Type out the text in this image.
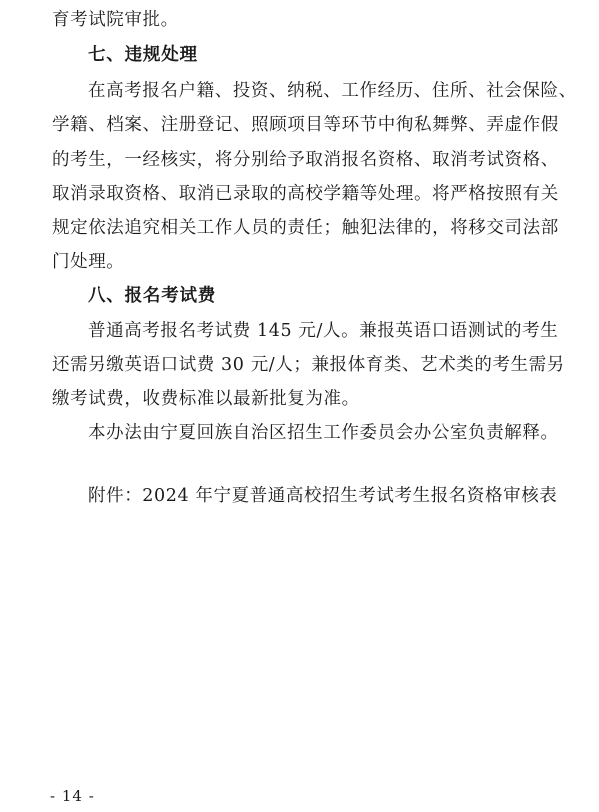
育考试院审批。
七、违规处理
在高考报名户籍、投资、纳税、工作经历、住所、社会保险、
学籍、档案、注册登记、照顾项目等环节中徇私舞弊、弄虚作假
的考生，一经核实，将分别给予取消报名资格、取消考试资格、
取消录取资格、取消已录取的高校学籍等处理。将严格按照有关
规定依法追究相关工作人员的责任；触犯法律的，将移交司法部
门处理。
八、报名考试费
普通高考报名考试费 145 元/人。兼报英语口语测试的考生
还需另缴英语口试费 30 元/人；兼报体育类、艺术类的考生需另
缴考试费，收费标准以最新批复为准。
本办法由宁夏回族自治区招生工作委员会办公室负责解释。
附件：2024 年宁夏普通高校招生考试考生报名资格审核表
- 14 -
